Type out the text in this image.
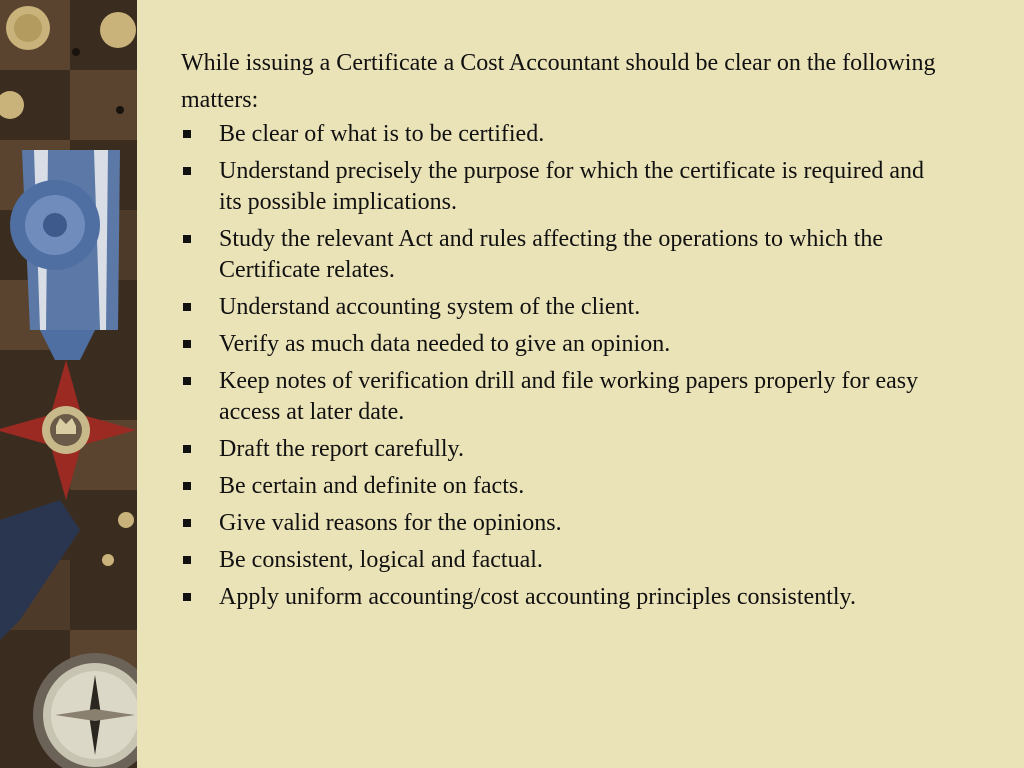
While issuing a Certificate a Cost Accountant should be clear on the following matters:

Be clear of what is to be certified.
Understand precisely the purpose for which the certificate is required and its possible implications.
Study the relevant Act and rules affecting the operations to which the Certificate relates.
Understand accounting system of the client.
Verify as much data needed to give an opinion.
Keep notes of verification drill and file working papers properly for easy access at later date.
Draft the report carefully.
Be certain and definite on facts.
Give valid reasons for the opinions.
Be consistent, logical and factual.
Apply uniform accounting/cost accounting principles consistently.
